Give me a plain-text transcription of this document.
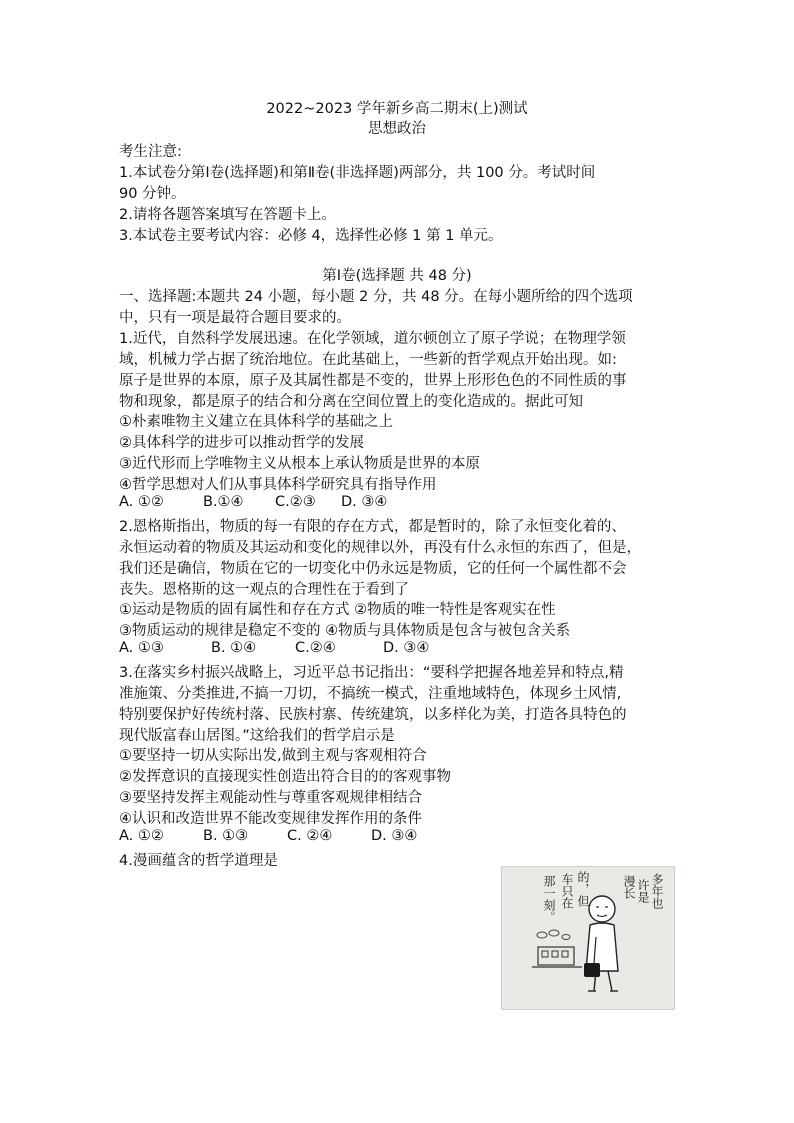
2022~2023 学年新乡高二期末(上)测试
思想政治
考生注意:
1.本试卷分第Ⅰ卷(选择题)和第Ⅱ卷(非选择题)两部分，共 100 分。考试时间
90 分钟。
2.请将各题答案填写在答题卡上。
3.本试卷主要考试内容：必修 4，选择性必修 1 第 1 单元。
第Ⅰ卷(选择题 共 48 分)
一、选择题:本题共 24 小题，每小题 2 分，共 48 分。在每小题所给的四个选项
中，只有一项是最符合题目要求的。
1.近代，自然科学发展迅速。在化学领域，道尔顿创立了原子学说；在物理学领
域，机械力学占据了统治地位。在此基础上，一些新的哲学观点开始出现。如:
原子是世界的本原，原子及其属性都是不变的，世界上形形色色的不同性质的事
物和现象，都是原子的结合和分离在空间位置上的变化造成的。据此可知
①朴素唯物主义建立在具体科学的基础之上
②具体科学的进步可以推动哲学的发展
③近代形而上学唯物主义从根本上承认物质是世界的本原
④哲学思想对人们从事具体科学研究具有指导作用
A. ①②	B.①④ C.②③ D. ③④
2.恩格斯指出，物质的每一有限的存在方式，都是暂时的，除了永恒变化着的、
永恒运动着的物质及其运动和变化的规律以外，再没有什么永恒的东西了，但是，
我们还是确信，物质在它的一切变化中仍永远是物质，它的任何一个属性都不会
丧失。恩格斯的这一观点的合理性在于看到了
①运动是物质的固有属性和存在方式 ②物质的唯一特性是客观实在性
③物质运动的规律是稳定不变的 ④物质与具体物质是包含与被包含关系
A. ①③	B. ①④	C.②④	D. ③④
3.在落实乡村振兴战略上，习近平总书记指出：“要科学把握各地差异和特点,精
准施策、分类推进,不搞一刀切，不搞统一模式，注重地域特色，体现乡土风情,
特别要保护好传统村落、民族村寨、传统建筑，以多样化为美，打造各具特色的
现代版富春山居图。”这给我们的哲学启示是
①要坚持一切从实际出发,做到主观与客观相符合
②发挥意识的直接现实性创造出符合目的的客观事物
③要坚持发挥主观能动性与尊重客观规律相结合
④认识和改造世界不能改变规律发挥作用的条件
A. ①②	B. ①③	C. ②④	D. ③④
4.漫画蕴含的哲学道理是
多年也
许是
漫长
的，但
车只在
那一刻。
